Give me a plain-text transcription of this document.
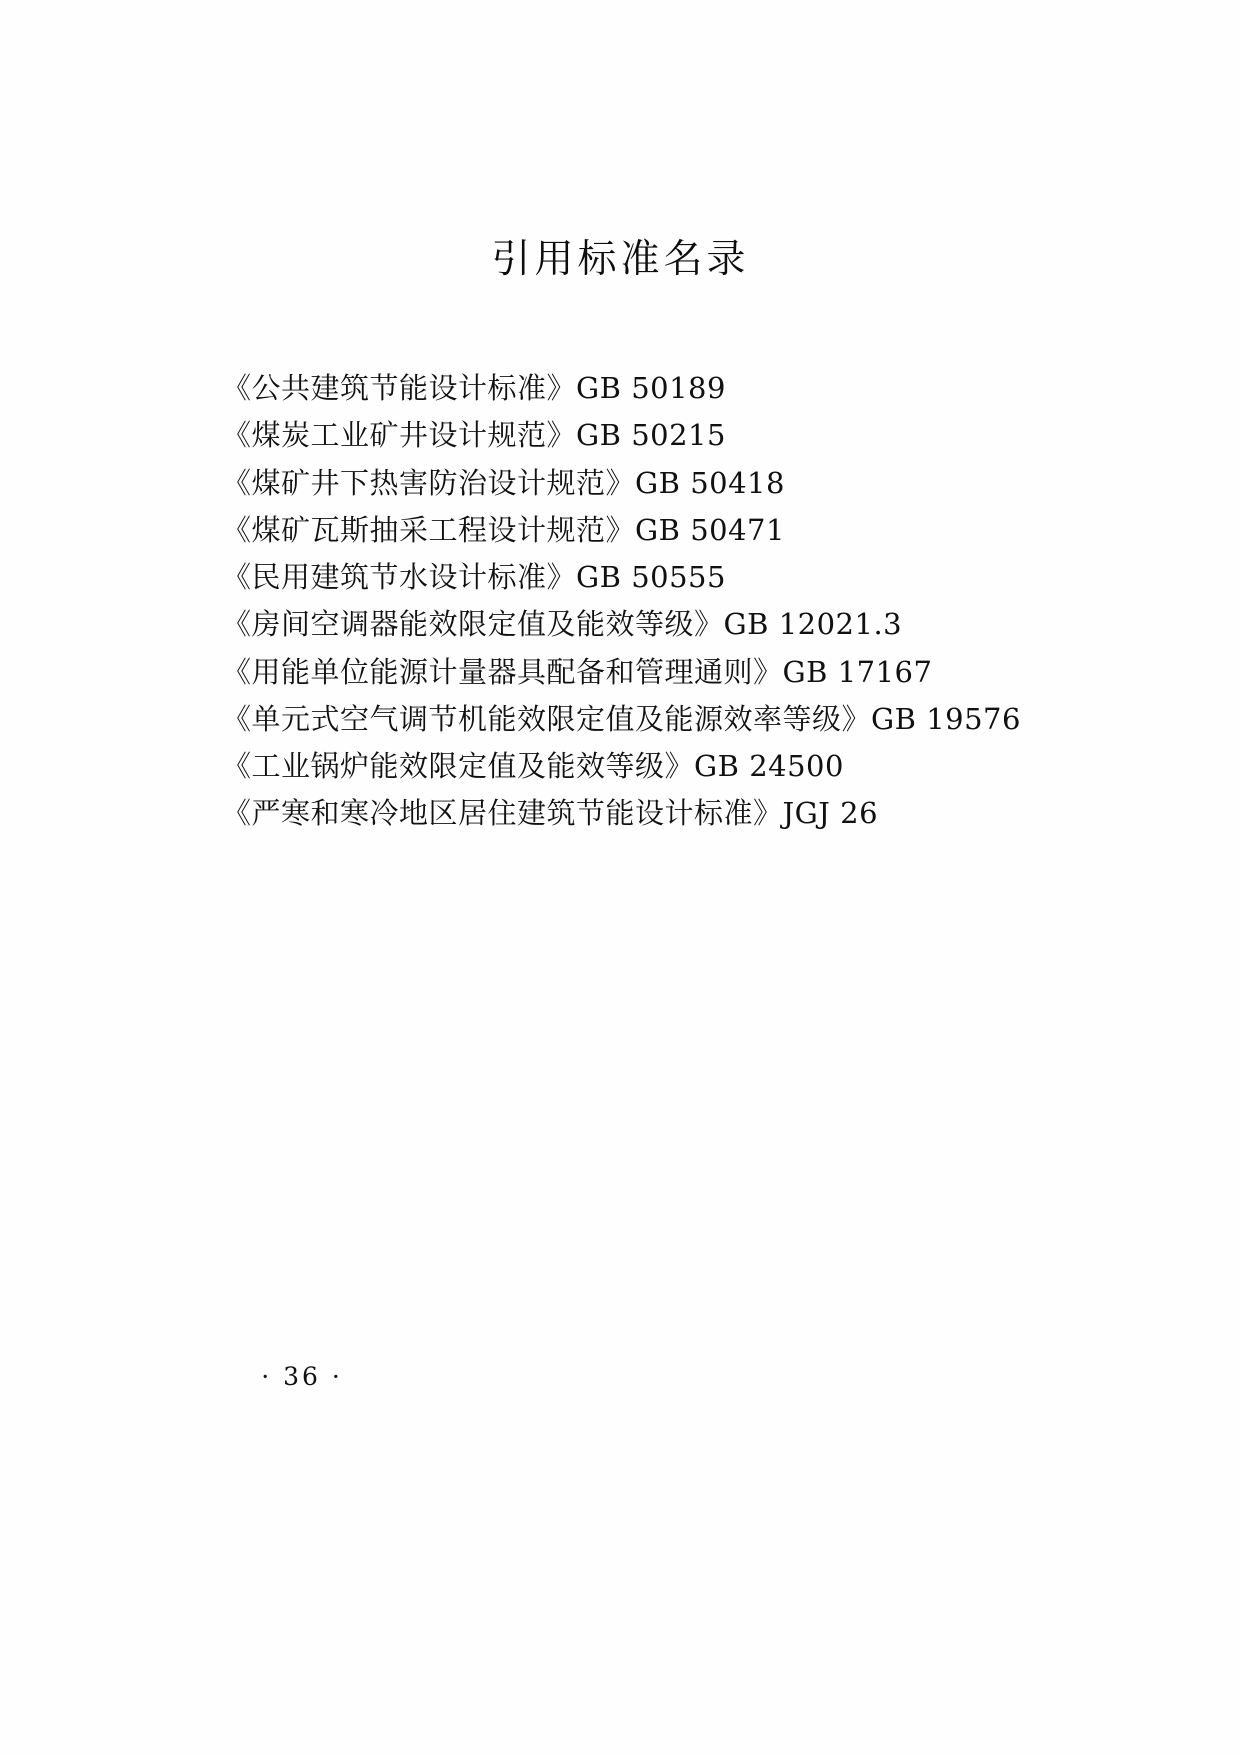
引用标准名录
《公共建筑节能设计标准》GB 50189
《煤炭工业矿井设计规范》GB 50215
《煤矿井下热害防治设计规范》GB 50418
《煤矿瓦斯抽采工程设计规范》GB 50471
《民用建筑节水设计标准》GB 50555
《房间空调器能效限定值及能效等级》GB 12021.3
《用能单位能源计量器具配备和管理通则》GB 17167
《单元式空气调节机能效限定值及能源效率等级》GB 19576
《工业锅炉能效限定值及能效等级》GB 24500
《严寒和寒冷地区居住建筑节能设计标准》JGJ 26
· 36 ·
